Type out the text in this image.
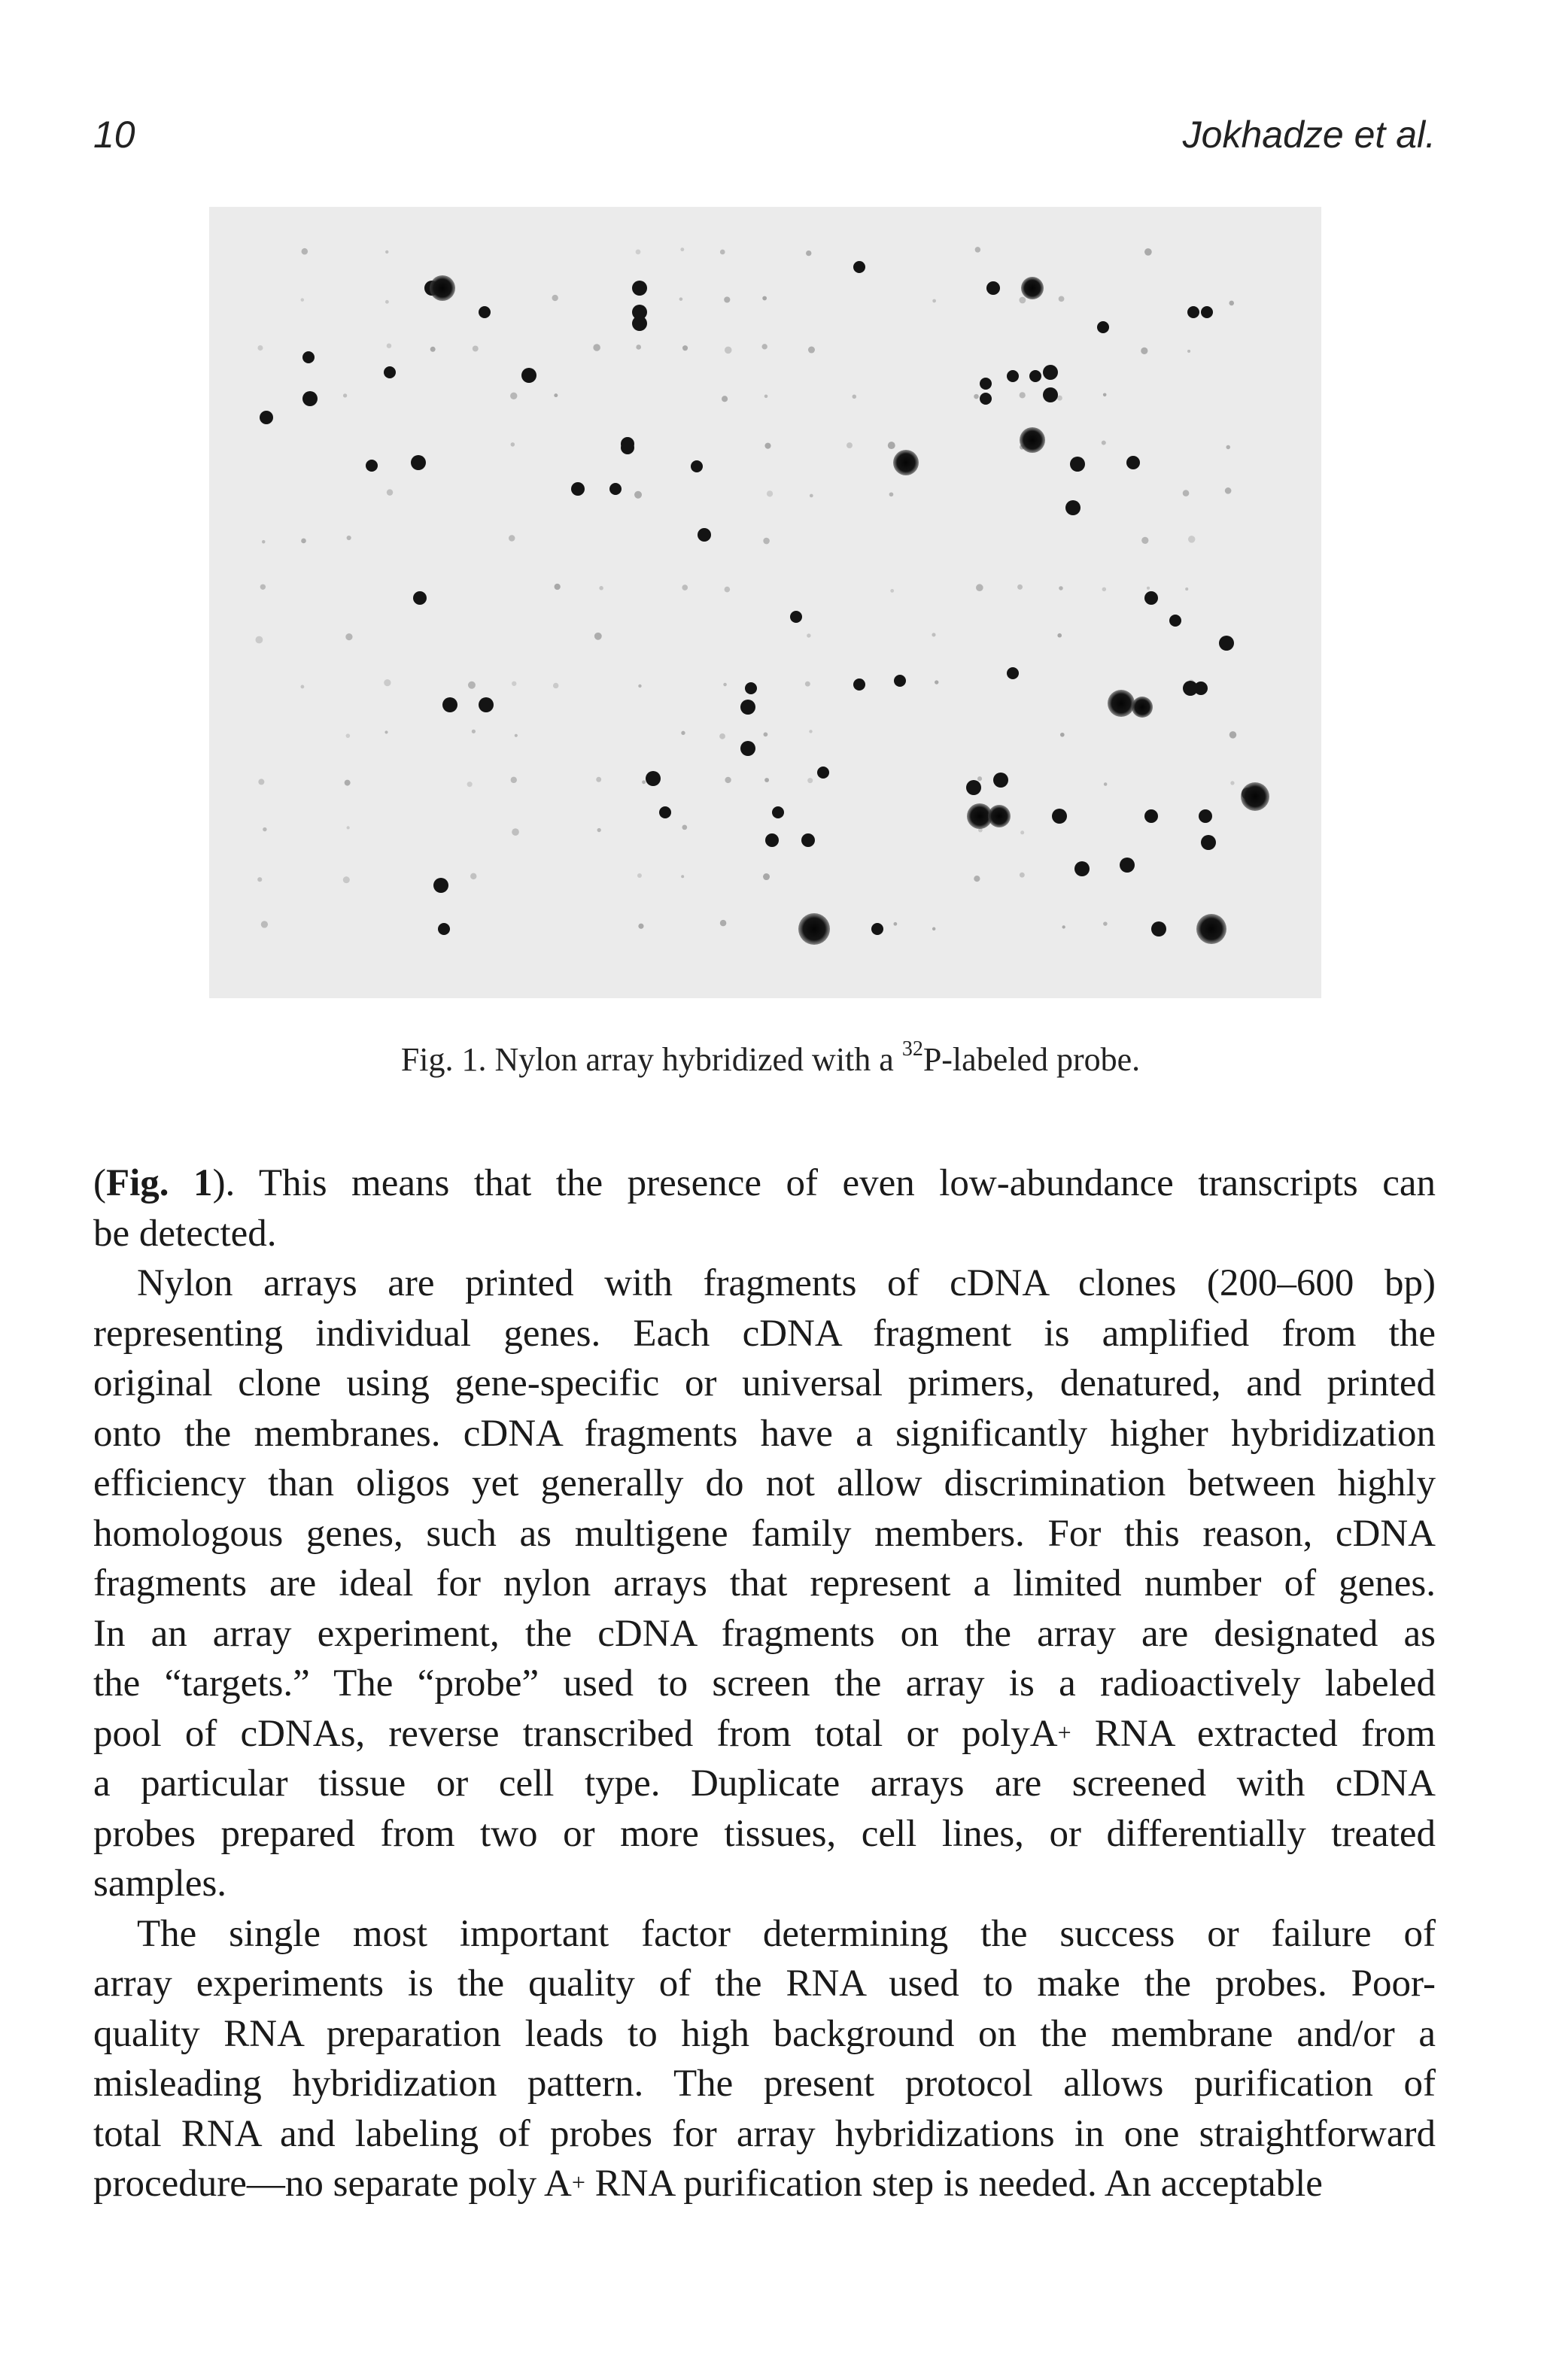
10	Jokhadze et al.
Fig. 1. Nylon array hybridized with a $^{32}$P-labeled probe.

(Fig. 1). This means that the presence of even low-abundance transcripts can
be detected.

Nylon arrays are printed with fragments of cDNA clones (200–600 bp)
representing individual genes. Each cDNA fragment is amplified from the
original clone using gene-specific or universal primers, denatured, and printed
onto the membranes. cDNA fragments have a significantly higher hybridization
efficiency than oligos yet generally do not allow discrimination between highly
homologous genes, such as multigene family members. For this reason, cDNA
fragments are ideal for nylon arrays that represent a limited number of genes.
In an array experiment, the cDNA fragments on the array are designated as
the “targets.” The “probe” used to screen the array is a radioactively labeled
pool of cDNAs, reverse transcribed from total or polyA+ RNA extracted from
a particular tissue or cell type. Duplicate arrays are screened with cDNA
probes prepared from two or more tissues, cell lines, or differentially treated
samples.

The single most important factor determining the success or failure of
array experiments is the quality of the RNA used to make the probes. Poor-
quality RNA preparation leads to high background on the membrane and/or a
misleading hybridization pattern. The present protocol allows purification of
total RNA and labeling of probes for array hybridizations in one straightforward
procedure—no separate poly A+ RNA purification step is needed. An acceptable
